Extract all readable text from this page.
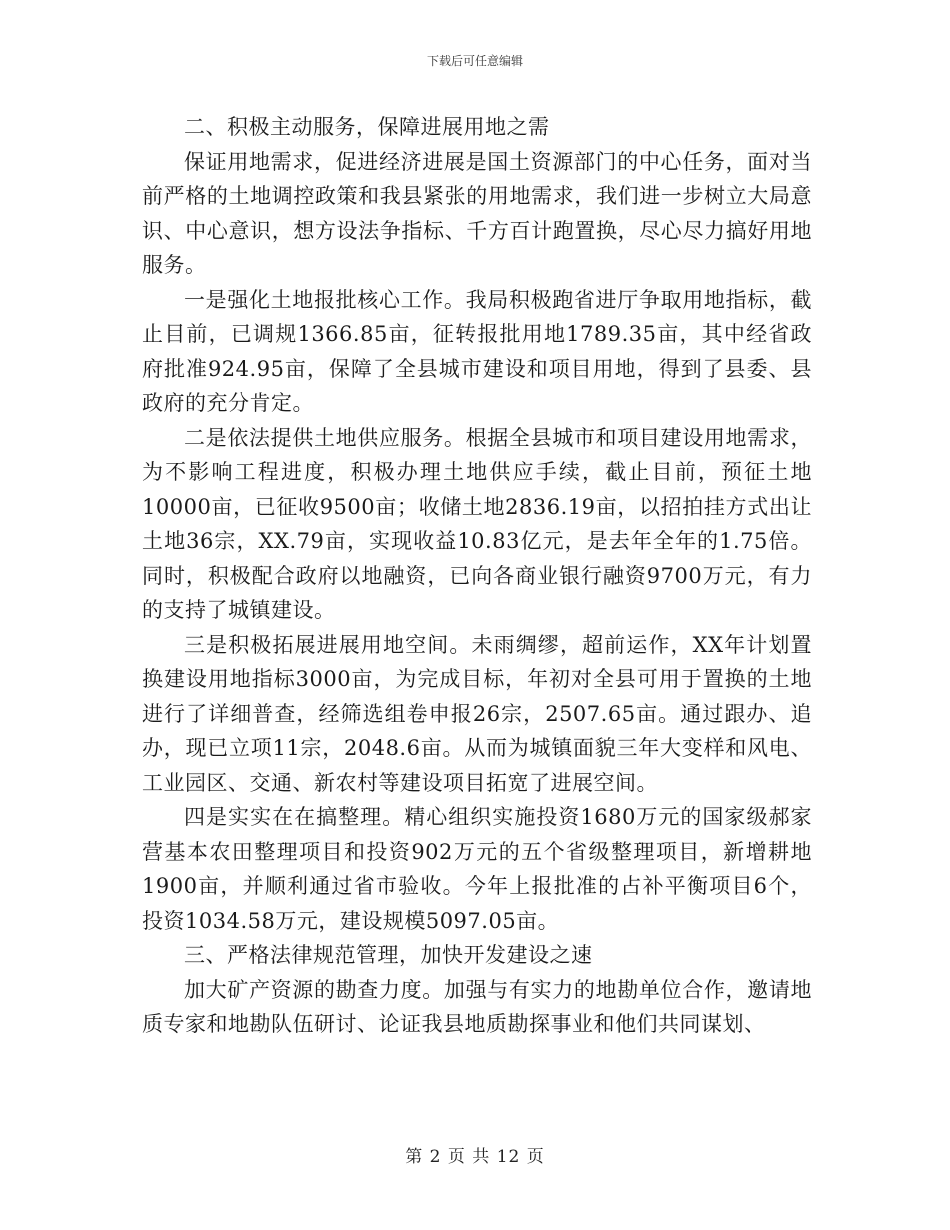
下载后可任意编辑

二、积极主动服务，保障进展用地之需

保证用地需求，促进经济进展是国土资源部门的中心任务，面对当前严格的土地调控政策和我县紧张的用地需求，我们进一步树立大局意识、中心意识，想方设法争指标、千方百计跑置换，尽心尽力搞好用地服务。

一是强化土地报批核心工作。我局积极跑省进厅争取用地指标，截止目前，已调规1366.85亩，征转报批用地1789.35亩，其中经省政府批准924.95亩，保障了全县城市建设和项目用地，得到了县委、县政府的充分肯定。

二是依法提供土地供应服务。根据全县城市和项目建设用地需求，为不影响工程进度，积极办理土地供应手续，截止目前，预征土地10000亩，已征收9500亩；收储土地2836.19亩，以招拍挂方式出让土地36宗，XX.79亩，实现收益10.83亿元，是去年全年的1.75倍。同时，积极配合政府以地融资，已向各商业银行融资9700万元，有力的支持了城镇建设。

三是积极拓展进展用地空间。未雨绸缪，超前运作，XX年计划置换建设用地指标3000亩，为完成目标，年初对全县可用于置换的土地进行了详细普查，经筛选组卷申报26宗，2507.65亩。通过跟办、追办，现已立项11宗，2048.6亩。从而为城镇面貌三年大变样和风电、工业园区、交通、新农村等建设项目拓宽了进展空间。

四是实实在在搞整理。精心组织实施投资1680万元的国家级郝家营基本农田整理项目和投资902万元的五个省级整理项目，新增耕地1900亩，并顺利通过省市验收。今年上报批准的占补平衡项目6个，投资1034.58万元，建设规模5097.05亩。

三、严格法律规范管理，加快开发建设之速

加大矿产资源的勘查力度。加强与有实力的地勘单位合作，邀请地质专家和地勘队伍研讨、论证我县地质勘探事业和他们共同谋划、

第 2 页 共 12 页
